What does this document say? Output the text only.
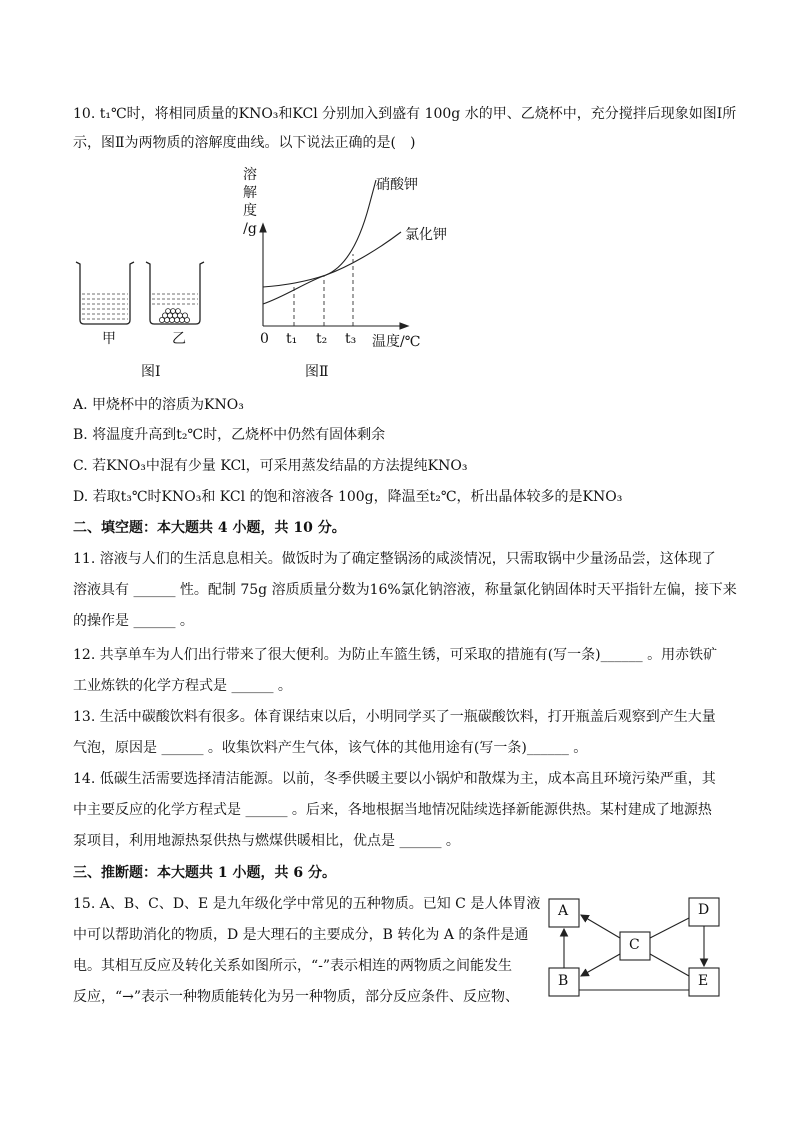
10. t₁℃时，将相同质量的KNO₃和KCl 分别加入到盛有 100g 水的甲、乙烧杯中，充分搅拌后现象如图Ⅰ所
示，图Ⅱ为两物质的溶解度曲线。以下说法正确的是(　)
甲	乙
图Ⅰ
溶
解
度
/g
硝酸钾
氯化钾
0 t₁ t₂ t₃ 温度/℃
图Ⅱ
A. 甲烧杯中的溶质为KNO₃
B. 将温度升高到t₂℃时，乙烧杯中仍然有固体剩余
C. 若KNO₃中混有少量 KCl，可采用蒸发结晶的方法提纯KNO₃
D. 若取t₃℃时KNO₃和 KCl 的饱和溶液各 100g，降温至t₂℃，析出晶体较多的是KNO₃
二、填空题：本大题共 4 小题，共 10 分。
11. 溶液与人们的生活息息相关。做饭时为了确定整锅汤的咸淡情况，只需取锅中少量汤品尝，这体现了
溶液具有 ______ 性。配制 75g 溶质质量分数为16%氯化钠溶液，称量氯化钠固体时天平指针左偏，接下来
的操作是 ______ 。
12. 共享单车为人们出行带来了很大便利。为防止车篮生锈，可采取的措施有(写一条)______ 。用赤铁矿
工业炼铁的化学方程式是 ______ 。
13. 生活中碳酸饮料有很多。体育课结束以后，小明同学买了一瓶碳酸饮料，打开瓶盖后观察到产生大量
气泡，原因是 ______ 。收集饮料产生气体，该气体的其他用途有(写一条)______ 。
14. 低碳生活需要选择清洁能源。以前，冬季供暖主要以小锅炉和散煤为主，成本高且环境污染严重，其
中主要反应的化学方程式是 ______ 。后来，各地根据当地情况陆续选择新能源供热。某村建成了地源热
泵项目，利用地源热泵供热与燃煤供暖相比，优点是 ______ 。
三、推断题：本大题共 1 小题，共 6 分。
15. A、B、C、D、E 是九年级化学中常见的五种物质。已知 C 是人体胃液
中可以帮助消化的物质，D 是大理石的主要成分，B 转化为 A 的条件是通
电。其相互反应及转化关系如图所示，“-”表示相连的两物质之间能发生
反应，“→”表示一种物质能转化为另一种物质，部分反应条件、反应物、
A
B
C
D
E
